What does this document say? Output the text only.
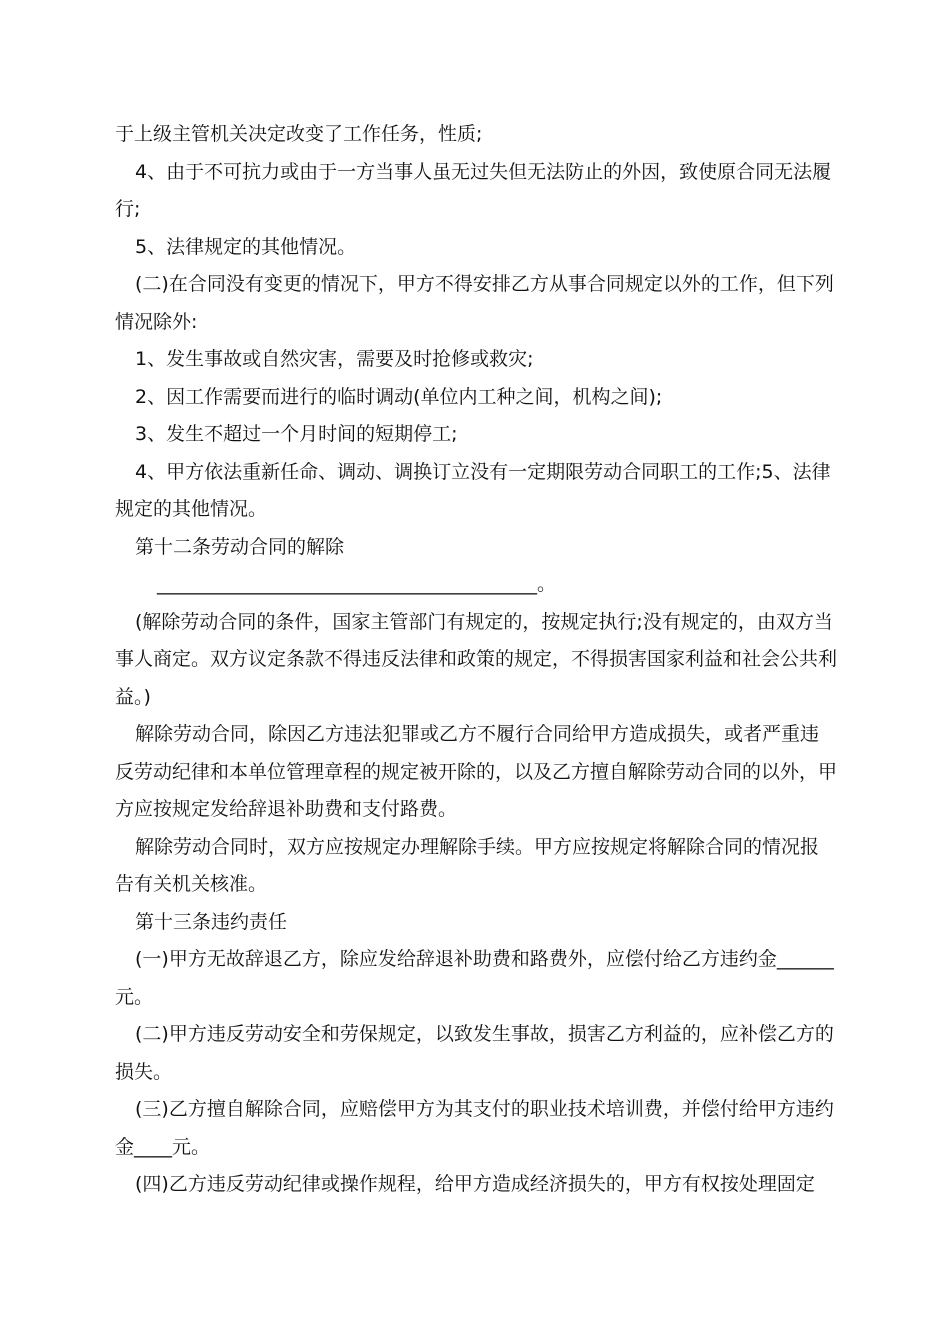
于上级主管机关决定改变了工作任务，性质;

4、由于不可抗力或由于一方当事人虽无过失但无法防止的外因，致使原合同无法履行;

5、法律规定的其他情况。

(二)在合同没有变更的情况下，甲方不得安排乙方从事合同规定以外的工作，但下列情况除外:

1、发生事故或自然灾害，需要及时抢修或救灾;

2、因工作需要而进行的临时调动(单位内工种之间，机构之间);

3、发生不超过一个月时间的短期停工;

4、甲方依法重新任命、调动、调换订立没有一定期限劳动合同职工的工作;5、法律规定的其他情况。

第十二条劳动合同的解除

________________________________________。

(解除劳动合同的条件，国家主管部门有规定的，按规定执行;没有规定的，由双方当事人商定。双方议定条款不得违反法律和政策的规定，不得损害国家利益和社会公共利益。)

解除劳动合同，除因乙方违法犯罪或乙方不履行合同给甲方造成损失，或者严重违反劳动纪律和本单位管理章程的规定被开除的，以及乙方擅自解除劳动合同的以外，甲方应按规定发给辞退补助费和支付路费。

解除劳动合同时，双方应按规定办理解除手续。甲方应按规定将解除合同的情况报告有关机关核准。

第十三条违约责任

(一)甲方无故辞退乙方，除应发给辞退补助费和路费外，应偿付给乙方违约金______元。

(二)甲方违反劳动安全和劳保规定，以致发生事故，损害乙方利益的，应补偿乙方的损失。

(三)乙方擅自解除合同，应赔偿甲方为其支付的职业技术培训费，并偿付给甲方违约金____元。

(四)乙方违反劳动纪律或操作规程，给甲方造成经济损失的，甲方有权按处理固定
